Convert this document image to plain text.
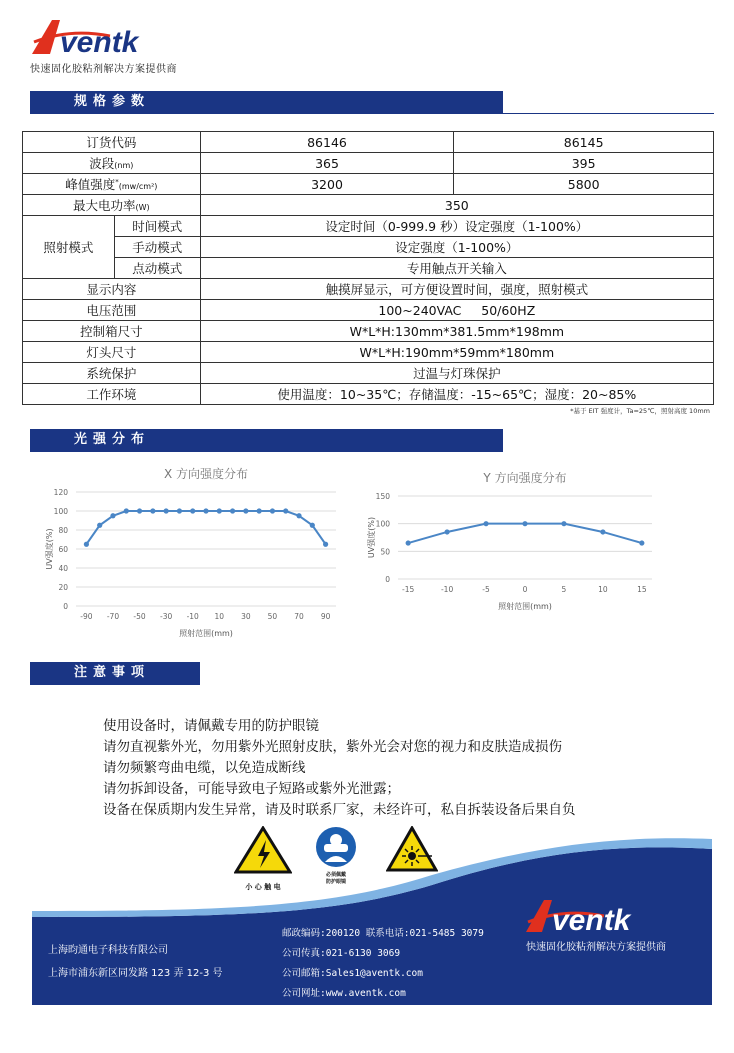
ventk
快速固化胶粘剂解决方案提供商
规格参数
订货代码		86146	86145
波段(nm)		365	395
峰值强度*(mw/cm²)		3200	5800
最大电功率(W)		350	
照射模式	时间模式	设定时间（0-999.9 秒）设定强度（1-100%）	
	手动模式	设定强度（1-100%）	
	点动模式	专用触点开关输入	
显示内容		触摸屏显示，可方便设置时间，强度，照射模式	
电压范围		100~240VAC     50/60HZ	
控制箱尺寸		W*L*H:130mm*381.5mm*198mm	
灯头尺寸		W*L*H:190mm*59mm*180mm	
系统保护		过温与灯珠保护	
工作环境		使用温度：10~35℃；存储温度：-15~65℃；湿度：20~85%	
*基于 EIT 强度计，Ta=25℃，照射高度 10mm
光强分布
X 方向强度分布
0
20
40
60
80
100
120
-90 -70 -50 -30 -10 10 30 50 70 90
照射范围(mm)
UV强度(%)
Y 方向强度分布
0
50
100
150
-15	-10	-5	0	5	10	15
照射范围(mm)
UV强度(%)
注意事项
使用设备时，请佩戴专用的防护眼镜
请勿直视紫外光，勿用紫外光照射皮肤，紫外光会对您的视力和皮肤造成损伤
请勿频繁弯曲电缆，以免造成断线
请勿拆卸设备，可能导致电子短路或紫外光泄露；
设备在保质期内发生异常，请及时联系厂家，未经许可，私自拆装设备后果自负
小 心 触 电
必须佩戴
防护眼镜
上海昀通电子科技有限公司
上海市浦东新区同发路 123 弄 12-3 号
邮政编码:200120 联系电话:021-5485 3079
公司传真:021-6130 3069
公司邮箱:Sales1@aventk.com
公司网址:www.aventk.com
ventk
快速固化胶粘剂解决方案提供商
